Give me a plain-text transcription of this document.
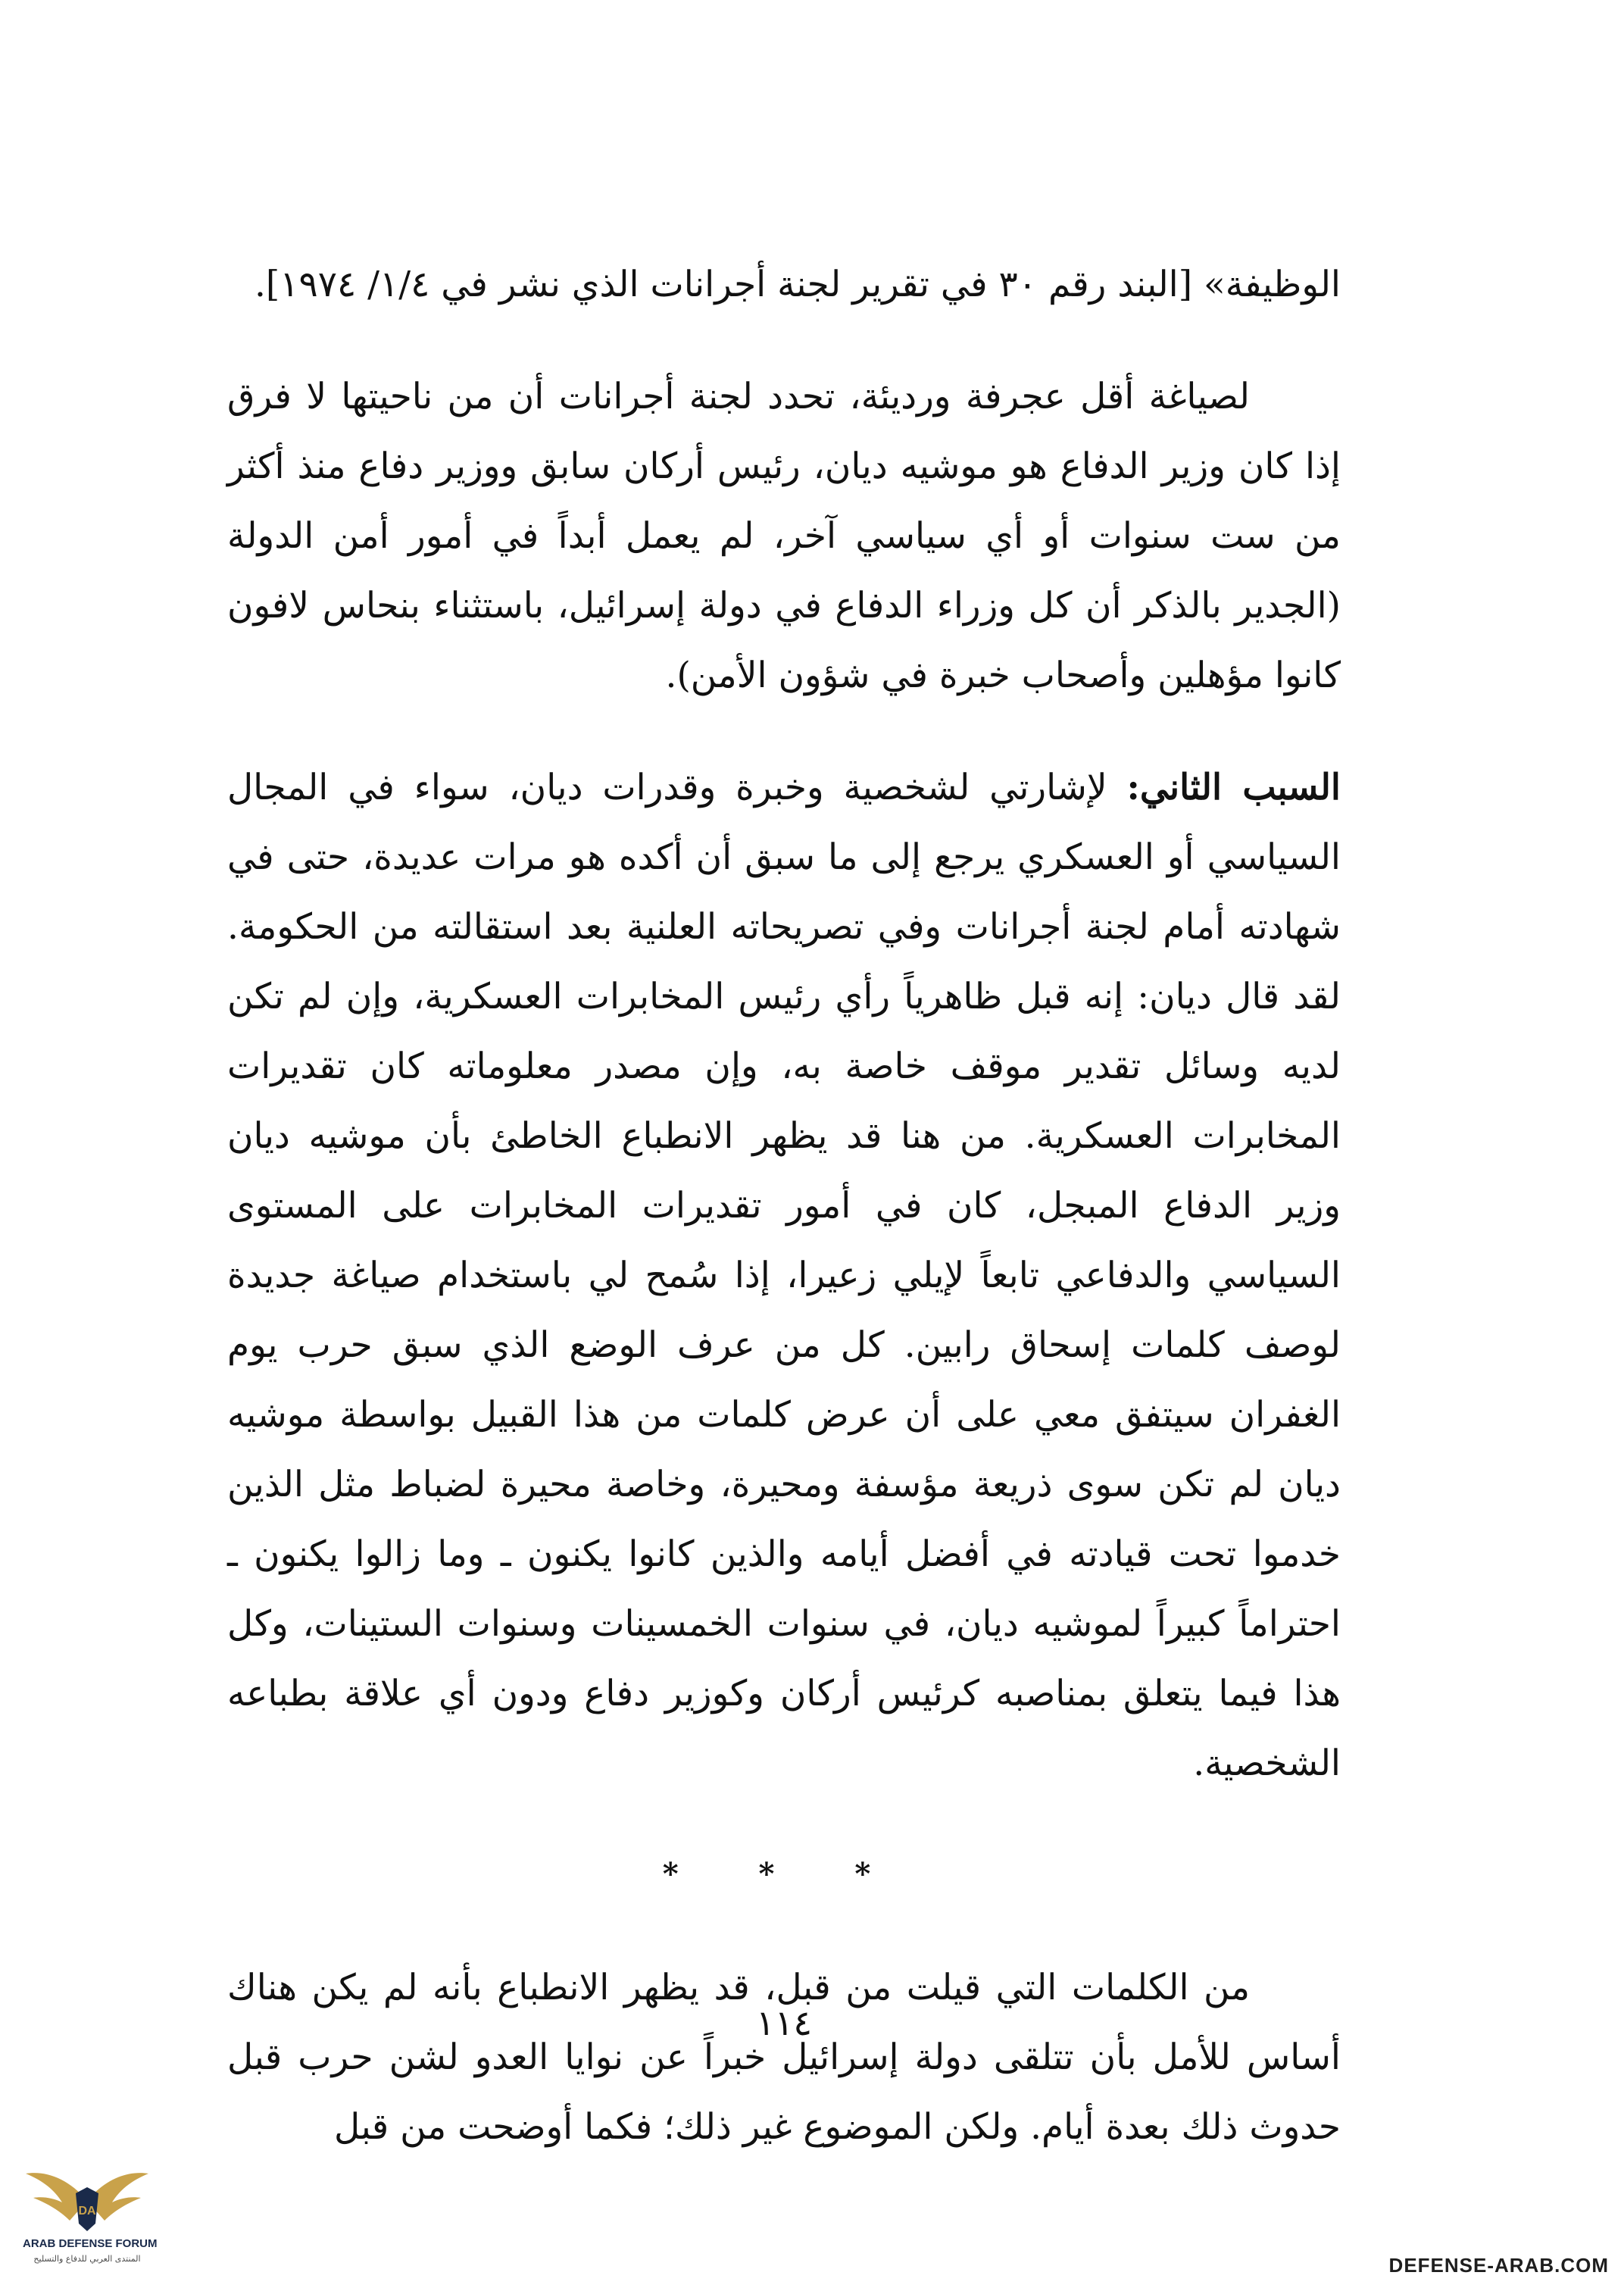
الوظيفة» [البند رقم ٣٠ في تقرير لجنة أجرانات الذي نشر في ١/٤/ ١٩٧٤].

لصياغة أقل عجرفة ورديئة، تحدد لجنة أجرانات أن من ناحيتها لا فرق إذا كان وزير الدفاع هو موشيه ديان، رئيس أركان سابق ووزير دفاع منذ أكثر من ست سنوات أو أي سياسي آخر، لم يعمل أبداً في أمور أمن الدولة (الجدير بالذكر أن كل وزراء الدفاع في دولة إسرائيل، باستثناء بنحاس لافون كانوا مؤهلين وأصحاب خبرة في شؤون الأمن).

السبب الثاني: لإشارتي لشخصية وخبرة وقدرات ديان، سواء في المجال السياسي أو العسكري يرجع إلى ما سبق أن أكده هو مرات عديدة، حتى في شهادته أمام لجنة أجرانات وفي تصريحاته العلنية بعد استقالته من الحكومة. لقد قال ديان: إنه قبل ظاهرياً رأي رئيس المخابرات العسكرية، وإن لم تكن لديه وسائل تقدير موقف خاصة به، وإن مصدر معلوماته كان تقديرات المخابرات العسكرية. من هنا قد يظهر الانطباع الخاطئ بأن موشيه ديان وزير الدفاع المبجل، كان في أمور تقديرات المخابرات على المستوى السياسي والدفاعي تابعاً لإيلي زعيرا، إذا سُمح لي باستخدام صياغة جديدة لوصف كلمات إسحاق رابين. كل من عرف الوضع الذي سبق حرب يوم الغفران سيتفق معي على أن عرض كلمات من هذا القبيل بواسطة موشيه ديان لم تكن سوى ذريعة مؤسفة ومحيرة، وخاصة محيرة لضباط مثل الذين خدموا تحت قيادته في أفضل أيامه والذين كانوا يكنون ـ وما زالوا يكنون ـ احتراماً كبيراً لموشيه ديان، في سنوات الخمسينات وسنوات الستينات، وكل هذا فيما يتعلق بمناصبه كرئيس أركان وكوزير دفاع ودون أي علاقة بطباعه الشخصية.

* * *

من الكلمات التي قيلت من قبل، قد يظهر الانطباع بأنه لم يكن هناك أساس للأمل بأن تتلقى دولة إسرائيل خبراً عن نوايا العدو لشن حرب قبل حدوث ذلك بعدة أيام. ولكن الموضوع غير ذلك؛ فكما أوضحت من قبل

١١٤
DA
ARAB DEFENSE FORUM
المنتدى العربي للدفاع والتسليح	DEFENSE-ARAB.COM
